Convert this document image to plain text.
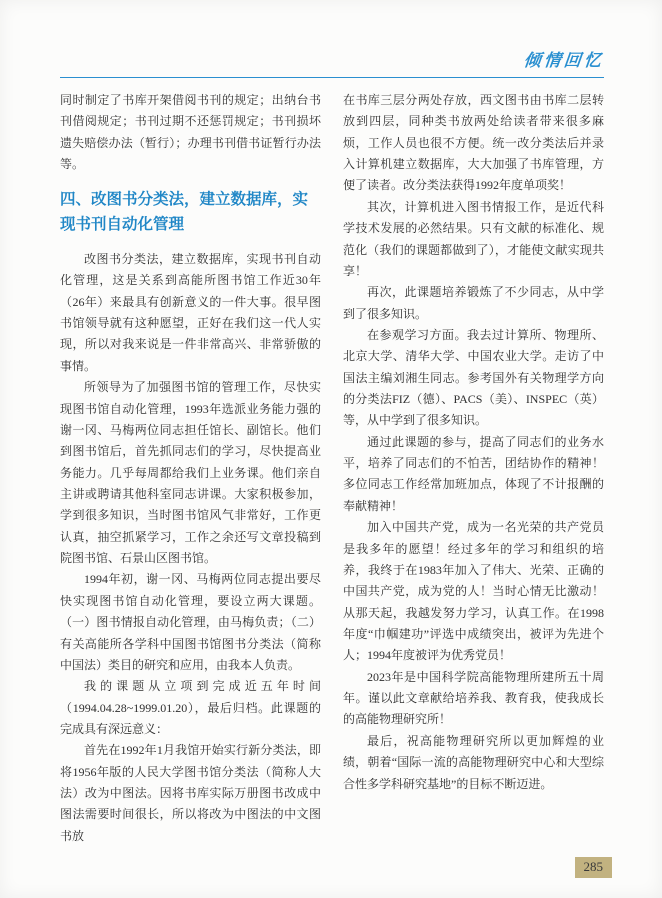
倾情回忆

同时制定了书库开架借阅书刊的规定；出纳台书刊借阅规定；书刊过期不还惩罚规定；书刊损坏遗失赔偿办法（暂行）；办理书刊借书证暂行办法等。

四、改图书分类法，建立数据库，实现书刊自动化管理

改图书分类法，建立数据库，实现书刊自动化管理，这是关系到高能所图书馆工作近30年（26年）来最具有创新意义的一件大事。很早图书馆领导就有这种愿望，正好在我们这一代人实现，所以对我来说是一件非常高兴、非常骄傲的事情。

所领导为了加强图书馆的管理工作，尽快实现图书馆自动化管理，1993年选派业务能力强的谢一冈、马梅两位同志担任馆长、副馆长。他们到图书馆后，首先抓同志们的学习，尽快提高业务能力。几乎每周都给我们上业务课。他们亲自主讲或聘请其他科室同志讲课。大家积极参加，学到很多知识，当时图书馆风气非常好，工作更认真，抽空抓紧学习，工作之余还写文章投稿到院图书馆、石景山区图书馆。

1994年初，谢一冈、马梅两位同志提出要尽快实现图书馆自动化管理，要设立两大课题。（一）图书情报自动化管理，由马梅负责；（二）有关高能所各学科中国图书馆图书分类法（简称中国法）类目的研究和应用，由我本人负责。

我的课题从立项到完成近五年时间（1994.04.28~1999.01.20），最后归档。此课题的完成具有深远意义：

首先在1992年1月我馆开始实行新分类法，即将1956年版的人民大学图书馆分类法（简称人大法）改为中图法。因将书库实际万册图书改成中图法需要时间很长，所以将改为中图法的中文图书放

在书库三层分两处存放，西文图书由书库二层转放到四层，同种类书放两处给读者带来很多麻烦，工作人员也很不方便。统一改分类法后并录入计算机建立数据库，大大加强了书库管理，方便了读者。改分类法获得1992年度单项奖！

其次，计算机进入图书情报工作，是近代科学技术发展的必然结果。只有文献的标准化、规范化（我们的课题都做到了），才能使文献实现共享！

再次，此课题培养锻炼了不少同志，从中学到了很多知识。

在参观学习方面。我去过计算所、物理所、北京大学、清华大学、中国农业大学。走访了中国法主编刘湘生同志。参考国外有关物理学方向的分类法FIZ（德）、PACS（美）、INSPEC（英）等，从中学到了很多知识。

通过此课题的参与，提高了同志们的业务水平，培养了同志们的不怕苦，团结协作的精神！多位同志工作经常加班加点，体现了不计报酬的奉献精神！

加入中国共产党，成为一名光荣的共产党员是我多年的愿望！经过多年的学习和组织的培养，我终于在1983年加入了伟大、光荣、正确的中国共产党，成为党的人！当时心情无比激动！从那天起，我越发努力学习，认真工作。在1998年度“巾帼建功”评选中成绩突出，被评为先进个人；1994年度被评为优秀党员！

2023年是中国科学院高能物理所建所五十周年。谨以此文章献给培养我、教育我，使我成长的高能物理研究所！

最后，祝高能物理研究所以更加辉煌的业绩，朝着“国际一流的高能物理研究中心和大型综合性多学科研究基地”的目标不断迈进。

285
